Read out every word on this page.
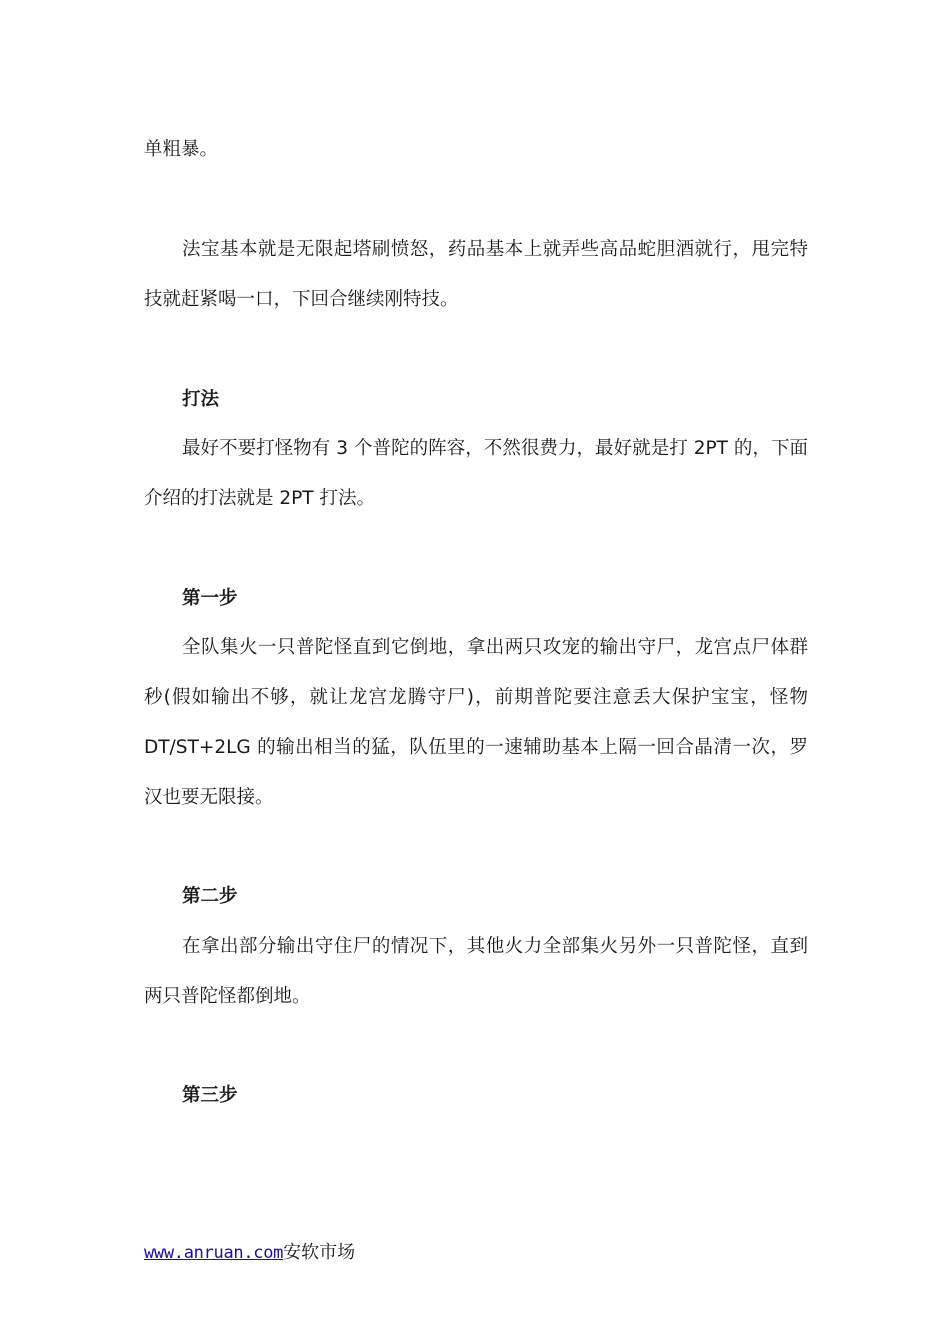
单粗暴。
法宝基本就是无限起塔刷愤怒，药品基本上就弄些高品蛇胆酒就行，甩完特
技就赶紧喝一口，下回合继续刚特技。
打法
最好不要打怪物有 3 个普陀的阵容，不然很费力，最好就是打 2PT 的，下面
介绍的打法就是 2PT 打法。
第一步
全队集火一只普陀怪直到它倒地，拿出两只攻宠的输出守尸，龙宫点尸体群
秒(假如输出不够，就让龙宫龙腾守尸)，前期普陀要注意丢大保护宝宝，怪物
DT/ST+2LG 的输出相当的猛，队伍里的一速辅助基本上隔一回合晶清一次，罗
汉也要无限接。
第二步
在拿出部分输出守住尸的情况下，其他火力全部集火另外一只普陀怪，直到
两只普陀怪都倒地。
第三步
www.anruan.com安软市场
